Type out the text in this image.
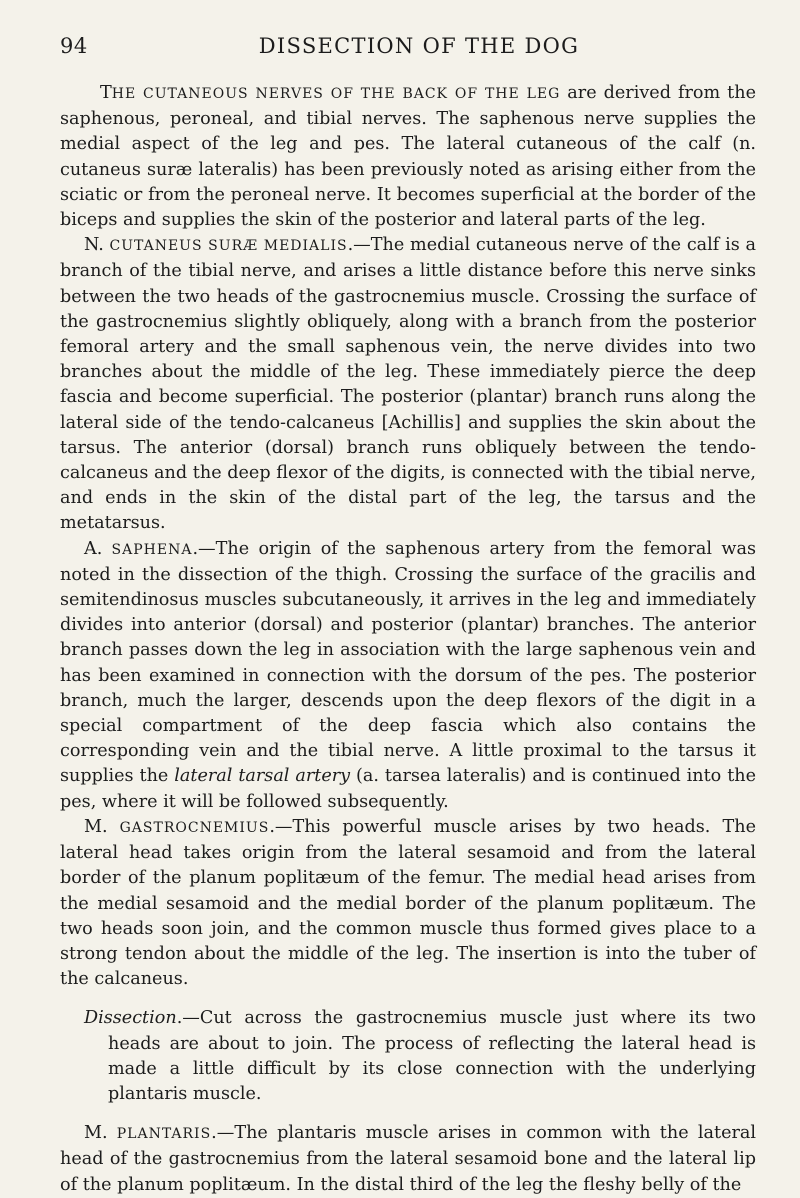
94	DISSECTION OF THE DOG

THE CUTANEOUS NERVES OF THE BACK OF THE LEG are derived from the saphenous, peroneal, and tibial nerves. The saphenous nerve supplies the medial aspect of the leg and pes. The lateral cutaneous of the calf (n. cutaneus suræ lateralis) has been previously noted as arising either from the sciatic or from the peroneal nerve. It becomes superficial at the border of the biceps and supplies the skin of the posterior and lateral parts of the leg.

N. CUTANEUS SURÆ MEDIALIS.—The medial cutaneous nerve of the calf is a branch of the tibial nerve, and arises a little distance before this nerve sinks between the two heads of the gastrocnemius muscle. Crossing the surface of the gastrocnemius slightly obliquely, along with a branch from the posterior femoral artery and the small saphenous vein, the nerve divides into two branches about the middle of the leg. These immediately pierce the deep fascia and become superficial. The posterior (plantar) branch runs along the lateral side of the tendo-calcaneus [Achillis] and supplies the skin about the tarsus. The anterior (dorsal) branch runs obliquely between the tendo-calcaneus and the deep flexor of the digits, is connected with the tibial nerve, and ends in the skin of the distal part of the leg, the tarsus and the metatarsus.

A. SAPHENA.—The origin of the saphenous artery from the femoral was noted in the dissection of the thigh. Crossing the surface of the gracilis and semitendinosus muscles subcutaneously, it arrives in the leg and immediately divides into anterior (dorsal) and posterior (plantar) branches. The anterior branch passes down the leg in association with the large saphenous vein and has been examined in connection with the dorsum of the pes. The posterior branch, much the larger, descends upon the deep flexors of the digit in a special compartment of the deep fascia which also contains the corresponding vein and the tibial nerve. A little proximal to the tarsus it supplies the lateral tarsal artery (a. tarsea lateralis) and is continued into the pes, where it will be followed subsequently.

M. GASTROCNEMIUS.—This powerful muscle arises by two heads. The lateral head takes origin from the lateral sesamoid and from the lateral border of the planum poplitæum of the femur. The medial head arises from the medial sesamoid and the medial border of the planum poplitæum. The two heads soon join, and the common muscle thus formed gives place to a strong tendon about the middle of the leg. The insertion is into the tuber of the calcaneus.

Dissection.—Cut across the gastrocnemius muscle just where its two heads are about to join. The process of reflecting the lateral head is made a little difficult by its close connection with the underlying plantaris muscle.

M. PLANTARIS.—The plantaris muscle arises in common with the lateral head of the gastrocnemius from the lateral sesamoid bone and the lateral lip of the planum poplitæum. In the distal third of the leg the fleshy belly of the
